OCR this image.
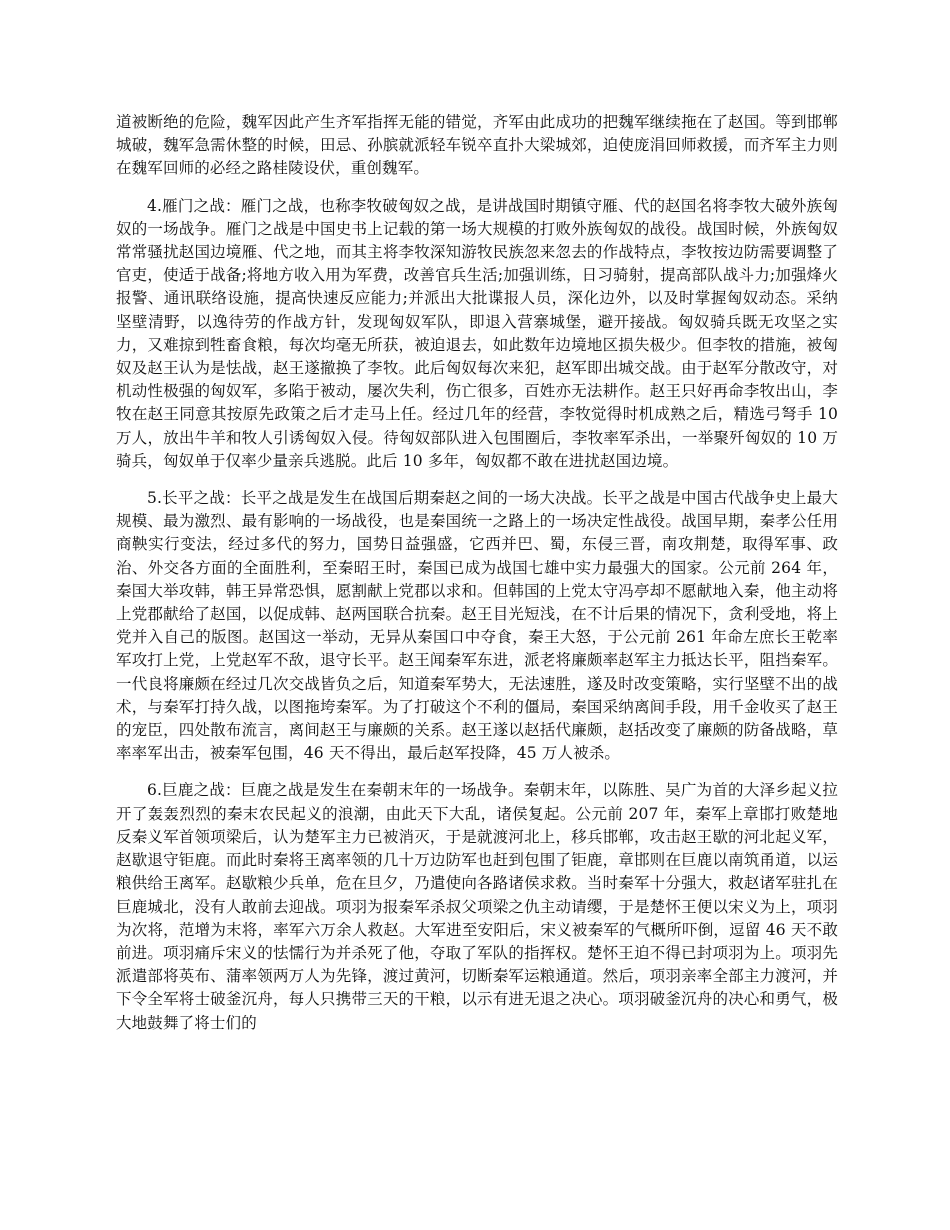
道被断绝的危险，魏军因此产生齐军指挥无能的错觉，齐军由此成功的把魏军继续拖在了赵国。等到邯郸城破，魏军急需休整的时候，田忌、孙膑就派轻车锐卒直扑大梁城郊，迫使庞涓回师救援，而齐军主力则在魏军回师的必经之路桂陵设伏，重创魏军。

4.雁门之战：雁门之战，也称李牧破匈奴之战，是讲战国时期镇守雁、代的赵国名将李牧大破外族匈奴的一场战争。雁门之战是中国史书上记载的第一场大规模的打败外族匈奴的战役。战国时候，外族匈奴常常骚扰赵国边境雁、代之地，而其主将李牧深知游牧民族忽来忽去的作战特点，李牧按边防需要调整了官吏，使适于战备;将地方收入用为军费，改善官兵生活;加强训练，日习骑射，提高部队战斗力;加强烽火报警、通讯联络设施，提高快速反应能力;并派出大批谍报人员，深化边外，以及时掌握匈奴动态。采纳坚壁清野，以逸待劳的作战方针，发现匈奴军队，即退入营寨城堡，避开接战。匈奴骑兵既无攻坚之实力，又难掠到牲畜食粮，每次均毫无所获，被迫退去，如此数年边境地区损失极少。但李牧的措施，被匈奴及赵王认为是怯战，赵王遂撤换了李牧。此后匈奴每次来犯，赵军即出城交战。由于赵军分散改守，对机动性极强的匈奴军，多陷于被动，屡次失利，伤亡很多，百姓亦无法耕作。赵王只好再命李牧出山，李牧在赵王同意其按原先政策之后才走马上任。经过几年的经营，李牧觉得时机成熟之后，精选弓弩手 10 万人，放出牛羊和牧人引诱匈奴入侵。待匈奴部队进入包围圈后，李牧率军杀出，一举聚歼匈奴的 10 万骑兵，匈奴单于仅率少量亲兵逃脱。此后 10 多年，匈奴都不敢在进扰赵国边境。

5.长平之战：长平之战是发生在战国后期秦赵之间的一场大决战。长平之战是中国古代战争史上最大规模、最为激烈、最有影响的一场战役，也是秦国统一之路上的一场决定性战役。战国早期，秦孝公任用商鞅实行变法，经过多代的努力，国势日益强盛，它西并巴、蜀，东侵三晋，南攻荆楚，取得军事、政治、外交各方面的全面胜利，至秦昭王时，秦国已成为战国七雄中实力最强大的国家。公元前 264 年，秦国大举攻韩，韩王异常恐惧，愿割献上党郡以求和。但韩国的上党太守冯亭却不愿献地入秦，他主动将上党郡献给了赵国，以促成韩、赵两国联合抗秦。赵王目光短浅，在不计后果的情况下，贪利受地，将上党并入自己的版图。赵国这一举动，无异从秦国口中夺食，秦王大怒，于公元前 261 年命左庶长王乾率军攻打上党，上党赵军不敌，退守长平。赵王闻秦军东进，派老将廉颇率赵军主力抵达长平，阻挡秦军。一代良将廉颇在经过几次交战皆负之后，知道秦军势大，无法速胜，遂及时改变策略，实行坚壁不出的战术，与秦军打持久战，以图拖垮秦军。为了打破这个不利的僵局，秦国采纳离间手段，用千金收买了赵王的宠臣，四处散布流言，离间赵王与廉颇的关系。赵王遂以赵括代廉颇，赵括改变了廉颇的防备战略，草率率军出击，被秦军包围，46 天不得出，最后赵军投降，45 万人被杀。

6.巨鹿之战：巨鹿之战是发生在秦朝末年的一场战争。秦朝末年，以陈胜、吴广为首的大泽乡起义拉开了轰轰烈烈的秦末农民起义的浪潮，由此天下大乱，诸侯复起。公元前 207 年，秦军上章邯打败楚地反秦义军首领项梁后，认为楚军主力已被消灭，于是就渡河北上，移兵邯郸，攻击赵王歇的河北起义军，赵歇退守钜鹿。而此时秦将王离率领的几十万边防军也赶到包围了钜鹿，章邯则在巨鹿以南筑甬道，以运粮供给王离军。赵歇粮少兵单，危在旦夕，乃遣使向各路诸侯求救。当时秦军十分强大，救赵诸军驻扎在巨鹿城北，没有人敢前去迎战。项羽为报秦军杀叔父项梁之仇主动请缨，于是楚怀王便以宋义为上，项羽为次将，范增为末将，率军六万余人救赵。大军进至安阳后，宋义被秦军的气概所吓倒，逗留 46 天不敢前进。项羽痛斥宋义的怯懦行为并杀死了他，夺取了军队的指挥权。楚怀王迫不得已封项羽为上。项羽先派遣部将英布、蒲率领两万人为先锋，渡过黄河，切断秦军运粮通道。然后，项羽亲率全部主力渡河，并下令全军将士破釜沉舟，每人只携带三天的干粮，以示有进无退之决心。项羽破釜沉舟的决心和勇气，极大地鼓舞了将士们的
